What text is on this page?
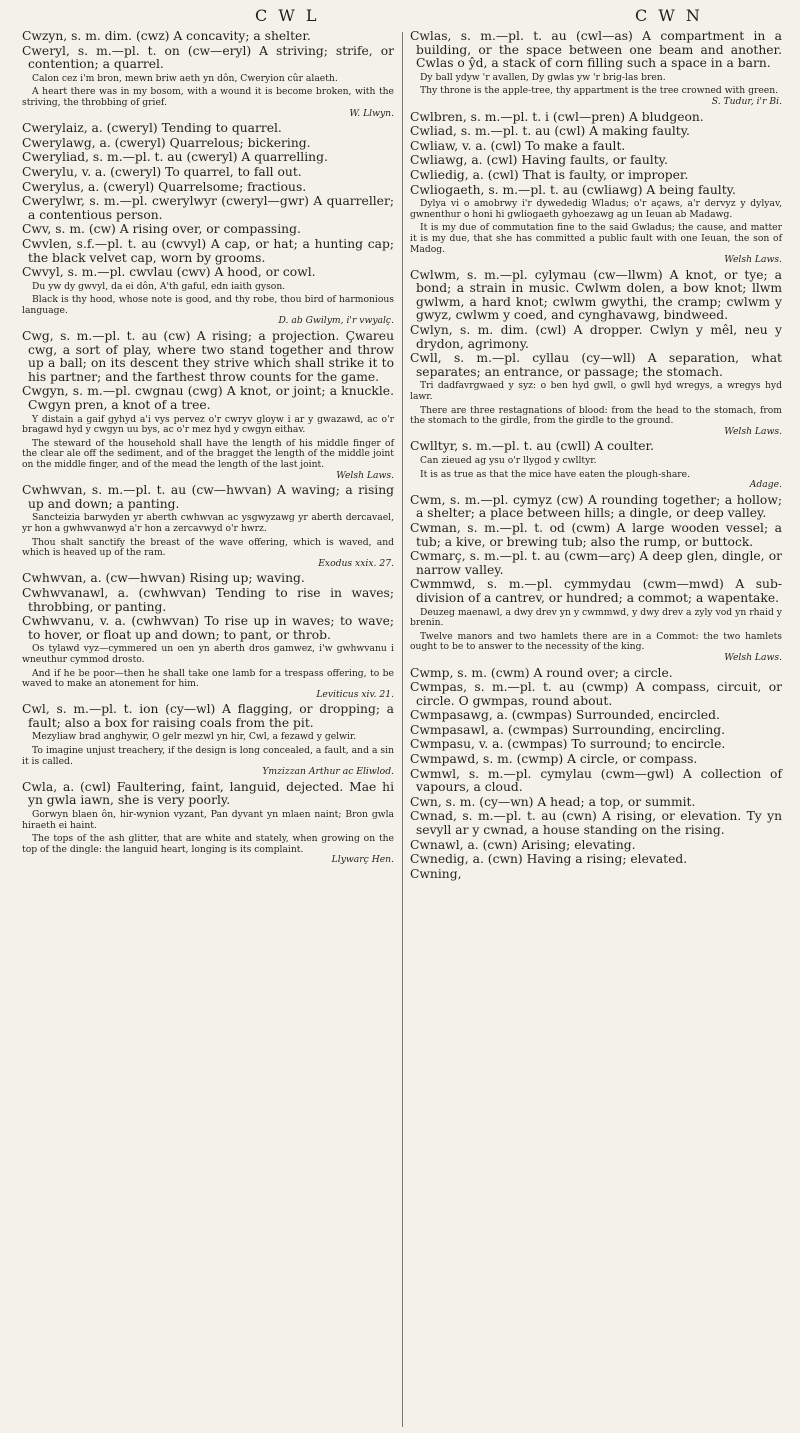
C W L	C W N
Cwzyn, s. m. dim. (cwz) A concavity; a shelter.
Cweryl, s. m.—pl. t. on (cw—eryl) A striving; strife, or contention; a quarrel.
Calon cez i'm bron, mewn briw aeth yn dôn, Cweryion cûr alaeth.
A heart there was in my bosom, with a wound it is become broken, with the striving, the throbbing of grief.
W. Llwyn.
Cwerylaiz, a. (cweryl) Tending to quarrel.
Cwerylawg, a. (cweryl) Quarrelous; bickering.
Cweryliad, s. m.—pl. t. au (cweryl) A quarrelling.
Cwerylu, v. a. (cweryl) To quarrel, to fall out.
Cwerylus, a. (cweryl) Quarrelsome; fractious.
Cwerylwr, s. m.—pl. cwerylwyr (cweryl—gwr) A quarreller; a contentious person.
Cwv, s. m. (cw) A rising over, or compassing.
Cwvlen, s.f.—pl. t. au (cwvyl) A cap, or hat; a hunting cap; the black velvet cap, worn by grooms.
Cwvyl, s. m.—pl. cwvlau (cwv) A hood, or cowl.
Du yw dy gwvyl, da ei dôn, A'th gaful, edn iaith gyson.
Black is thy hood, whose note is good, and thy robe, thou bird of harmonious language.
D. ab Gwilym, i'r vwyalç.
Cwg, s. m.—pl. t. au (cw) A rising; a projection. Çwareu cwg, a sort of play, where two stand together and throw up a ball; on its descent they strive which shall strike it to his partner; and the farthest throw counts for the game.
Cwgyn, s. m.—pl. cwgnau (cwg) A knot, or joint; a knuckle. Cwgyn pren, a knot of a tree.
Y distain a gaif gyhyd a'i vys pervez o'r cwryv gloyw i ar y gwazawd, ac o'r bragawd hyd y cwgyn uu bys, ac o'r mez hyd y cwgyn eithav.
The steward of the household shall have the length of his middle finger of the clear ale off the sediment, and of the bragget the length of the middle joint on the middle finger, and of the mead the length of the last joint.
Welsh Laws.
Cwhwvan, s. m.—pl. t. au (cw—hwvan) A waving; a rising up and down; a panting.
Sancteizia barwyden yr aberth cwhwvan ac ysgwyzawg yr aberth dercavael, yr hon a gwhwvanwyd a'r hon a zercavwyd o'r hwrz.
Thou shalt sanctify the breast of the wave offering, which is waved, and which is heaved up of the ram.
Exodus xxix. 27.
Cwhwvan, a. (cw—hwvan) Rising up; waving.
Cwhwvanawl, a. (cwhwvan) Tending to rise in waves; throbbing, or panting.
Cwhwvanu, v. a. (cwhwvan) To rise up in waves; to wave; to hover, or float up and down; to pant, or throb.
Os tylawd vyz—cymmered un oen yn aberth dros gamwez, i'w gwhwvanu i wneuthur cymmod drosto.
And if he be poor—then he shall take one lamb for a trespass offering, to be waved to make an atonement for him.
Leviticus xiv. 21.
Cwl, s. m.—pl. t. ion (cy—wl) A flagging, or dropping; a fault; also a box for raising coals from the pit.
Mezyliaw brad anghywir, O gelr mezwl yn hir, Cwl, a fezawd y gelwir.
To imagine unjust treachery, if the design is long concealed, a fault, and a sin it is called.
Ymzizzan Arthur ac Eliwlod.
Cwla, a. (cwl) Faultering, faint, languid, dejected. Mae hi yn gwla iawn, she is very poorly.
Gorwyn blaen ôn, hir-wynion vyzant, Pan dyvant yn mlaen naint; Bron gwla hiraeth ei haint.
The tops of the ash glitter, that are white and stately, when growing on the top of the dingle: the languid heart, longing is its complaint.
Llywarç Hen.
Cwlas, s. m.—pl. t. au (cwl—as) A compartment in a building, or the space between one beam and another. Cwlas o ŷd, a stack of corn filling such a space in a barn.
Dy ball ydyw 'r avallen, Dy gwlas yw 'r brig-las bren.
Thy throne is the apple-tree, thy appartment is the tree crowned with green.
S. Tudur, i'r Bi.
Cwlbren, s. m.—pl. t. i (cwl—pren) A bludgeon.
Cwliad, s. m.—pl. t. au (cwl) A making faulty.
Cwliaw, v. a. (cwl) To make a fault.
Cwliawg, a. (cwl) Having faults, or faulty.
Cwliedig, a. (cwl) That is faulty, or improper.
Cwliogaeth, s. m.—pl. t. au (cwliawg) A being faulty.
Dylya vi o amobrwy i'r dywededig Wladus; o'r açaws, a'r dervyz y dylyav, gwnenthur o honi hi gwliogaeth gyhoezawg ag un Ieuan ab Madawg.
It is my due of commutation fine to the said Gwladus; the cause, and matter it is my due, that she has committed a public fault with one Ieuan, the son of Madog.
Welsh Laws.
Cwlwm, s. m.—pl. cylymau (cw—llwm) A knot, or tye; a bond; a strain in music. Cwlwm dolen, a bow knot; llwm gwlwm, a hard knot; cwlwm gwythi, the cramp; cwlwm y gwyz, cwlwm y coed, and cynghavawg, bindweed.
Cwlyn, s. m. dim. (cwl) A dropper. Cwlyn y mêl, neu y drydon, agrimony.
Cwll, s. m.—pl. cyllau (cy—wll) A separation, what separates; an entrance, or passage; the stomach.
Tri dadfavrgwaed y syz: o ben hyd gwll, o gwll hyd wregys, a wregys hyd lawr.
There are three restagnations of blood: from the head to the stomach, from the stomach to the girdle, from the girdle to the ground.
Welsh Laws.
Cwlltyr, s. m.—pl. t. au (cwll) A coulter.
Can zieued ag ysu o'r llygod y cwlltyr.
It is as true as that the mice have eaten the plough-share.
Adage.
Cwm, s. m.—pl. cymyz (cw) A rounding together; a hollow; a shelter; a place between hills; a dingle, or deep valley.
Cwman, s. m.—pl. t. od (cwm) A large wooden vessel; a tub; a kive, or brewing tub; also the rump, or buttock.
Cwmarç, s. m.—pl. t. au (cwm—arç) A deep glen, dingle, or narrow valley.
Cwmmwd, s. m.—pl. cymmydau (cwm—mwd) A sub-division of a cantrev, or hundred; a commot; a wapentake.
Deuzeg maenawl, a dwy drev yn y cwmmwd, y dwy drev a zyly vod yn rhaid y brenin.
Twelve manors and two hamlets there are in a Commot: the two hamlets ought to be to answer to the necessity of the king.
Welsh Laws.
Cwmp, s. m. (cwm) A round over; a circle.
Cwmpas, s. m.—pl. t. au (cwmp) A compass, circuit, or circle. O gwmpas, round about.
Cwmpasawg, a. (cwmpas) Surrounded, encircled.
Cwmpasawl, a. (cwmpas) Surrounding, encircling.
Cwmpasu, v. a. (cwmpas) To surround; to encircle.
Cwmpawd, s. m. (cwmp) A circle, or compass.
Cwmwl, s. m.—pl. cymylau (cwm—gwl) A collection of vapours, a cloud.
Cwn, s. m. (cy—wn) A head; a top, or summit.
Cwnad, s. m.—pl. t. au (cwn) A rising, or elevation. Ty yn sevyll ar y cwnad, a house standing on the rising.
Cwnawl, a. (cwn) Arising; elevating.
Cwnedig, a. (cwn) Having a rising; elevated.
Cwning,
